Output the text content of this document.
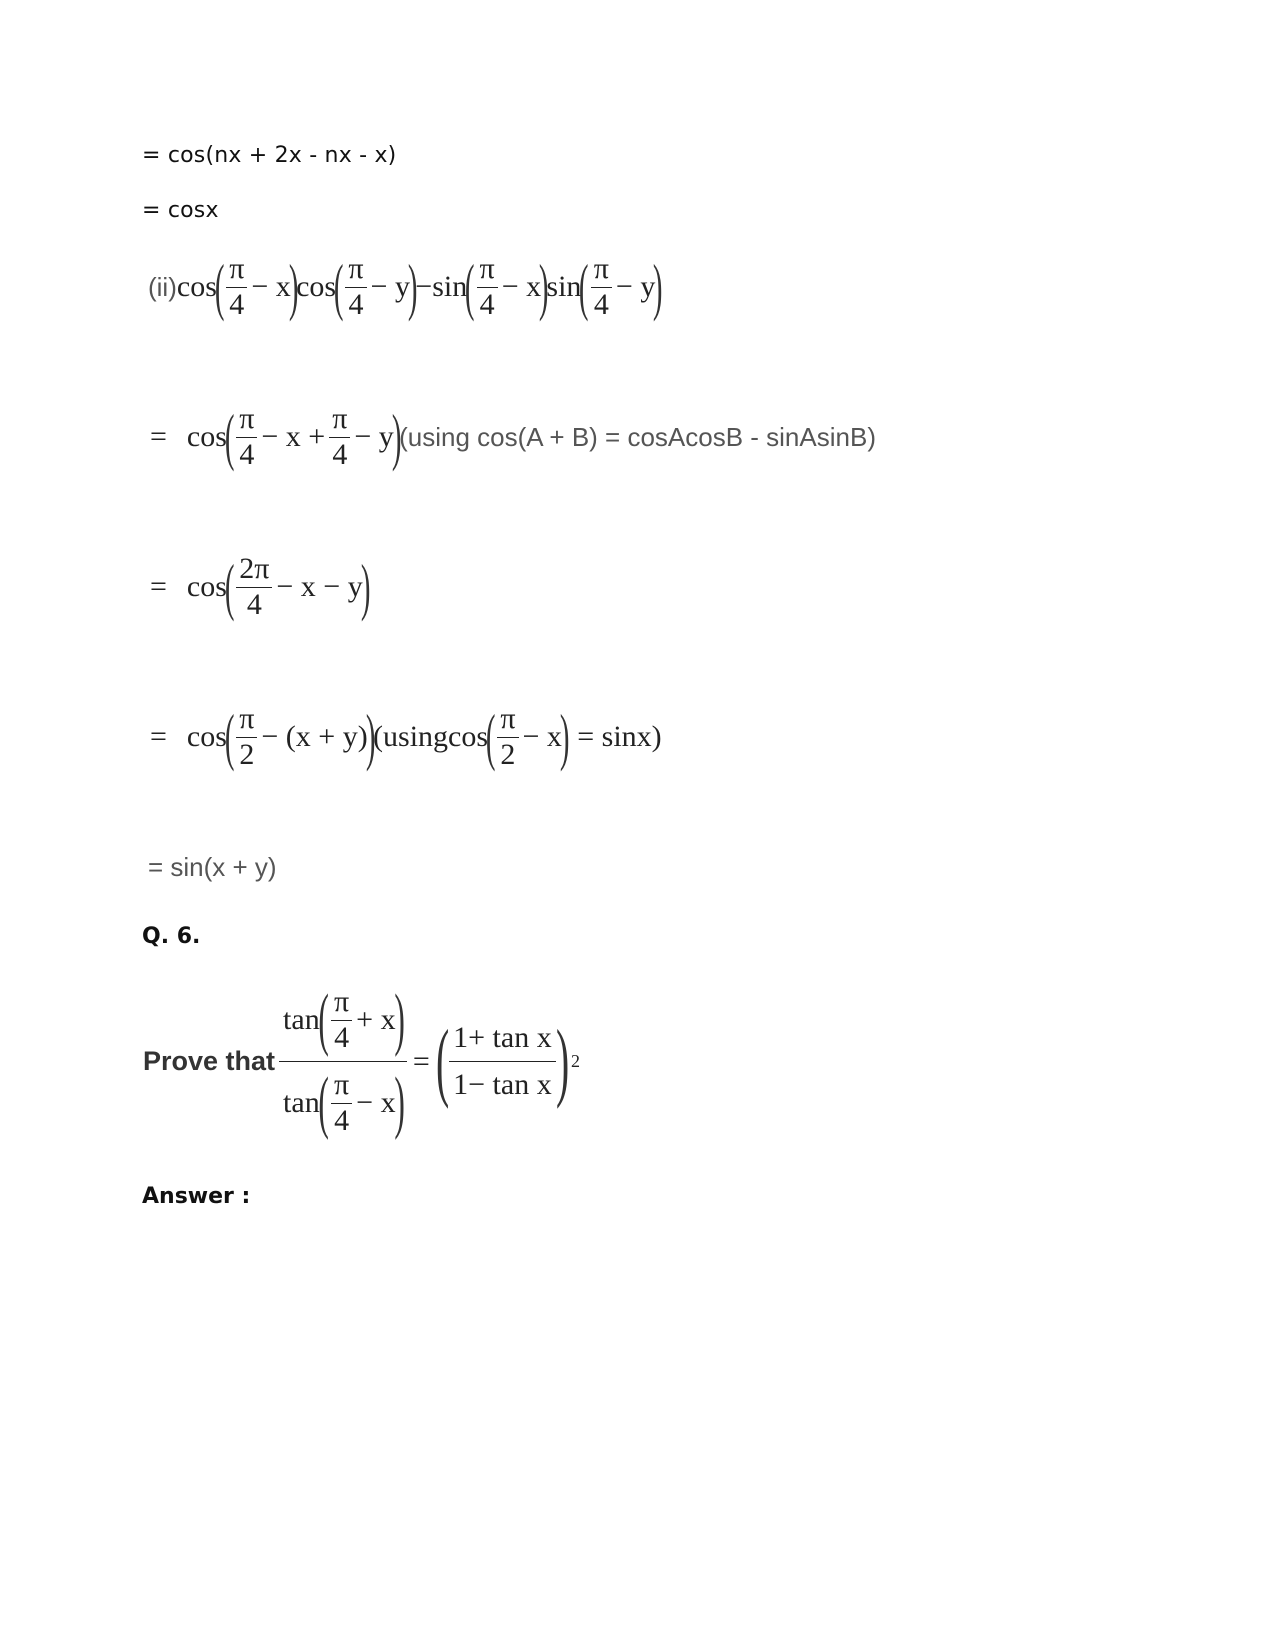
= cos(nx + 2x - nx - x)
= cosx
(ii) cos
( $\frac{\pi}{4} - x$
)
cos
( $\frac{\pi}{4} - y$
)
− sin
( $\frac{\pi}{4} - x$
)
sin
( $\frac{\pi}{4} - y$
)
= cos
( $\frac{\pi}{4} - x + \frac{\pi}{4} - y$
)
(using cos(A + B) = cosAcosB - sinAsinB)
= cos
( $\frac{2\pi}{4} - x - y$
)
= cos
( $\frac{\pi}{2} - (x + y)$
)
(usingcos
( $\frac{\pi}{2} - x$
) = sinx)
= sin(x + y)
Q. 6.
Prove that tan
( $\frac{\pi}{4} + x$
)
tan
( $\frac{\pi}{4} - x$
) = ( $\frac{\text{1+ tan x}}{\text{1− tan x}}$ ) 2
Answer :
